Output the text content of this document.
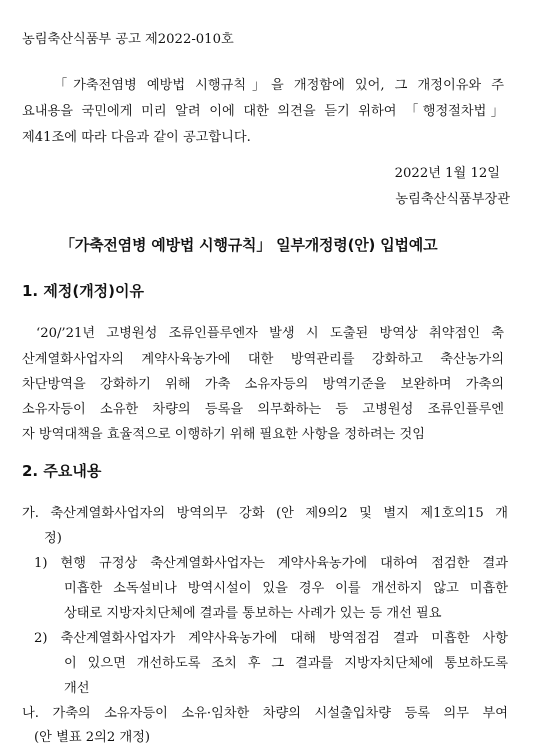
농림축산식품부 공고 제2022-010호
「가축전염병 예방법 시행규칙」을 개정함에 있어, 그 개정이유와 주
요내용을 국민에게 미리 알려 이에 대한 의견을 듣기 위하여 「행정절차법」
제41조에 따라 다음과 같이 공고합니다.
2022년 1월 12일
농림축산식품부장관
「가축전염병 예방법 시행규칙」 일부개정령(안) 입법예고
1. 제정(개정)이유
‘20/’21년 고병원성 조류인플루엔자 발생 시 도출된 방역상 취약점인 축
산계열화사업자의 계약사육농가에 대한 방역관리를 강화하고 축산농가의
차단방역을 강화하기 위해 가축 소유자등의 방역기준을 보완하며 가축의
소유자등이 소유한 차량의 등록을 의무화하는 등 고병원성 조류인플루엔
자 방역대책을 효율적으로 이행하기 위해 필요한 사항을 정하려는 것임
2. 주요내용
가. 축산계열화사업자의 방역의무 강화 (안 제9의2 및 별지 제1호의15 개
정)
1) 현행 규정상 축산계열화사업자는 계약사육농가에 대하여 점검한 결과
미흡한 소독설비나 방역시설이 있을 경우 이를 개선하지 않고 미흡한
상태로 지방자치단체에 결과를 통보하는 사례가 있는 등 개선 필요
2) 축산계열화사업자가 계약사육농가에 대해 방역점검 결과 미흡한 사항
이 있으면 개선하도록 조치 후 그 결과를 지방자치단체에 통보하도록
개선
나. 가축의 소유자등이 소유·임차한 차량의 시설출입차량 등록 의무 부여
(안 별표 2의2 개정)
